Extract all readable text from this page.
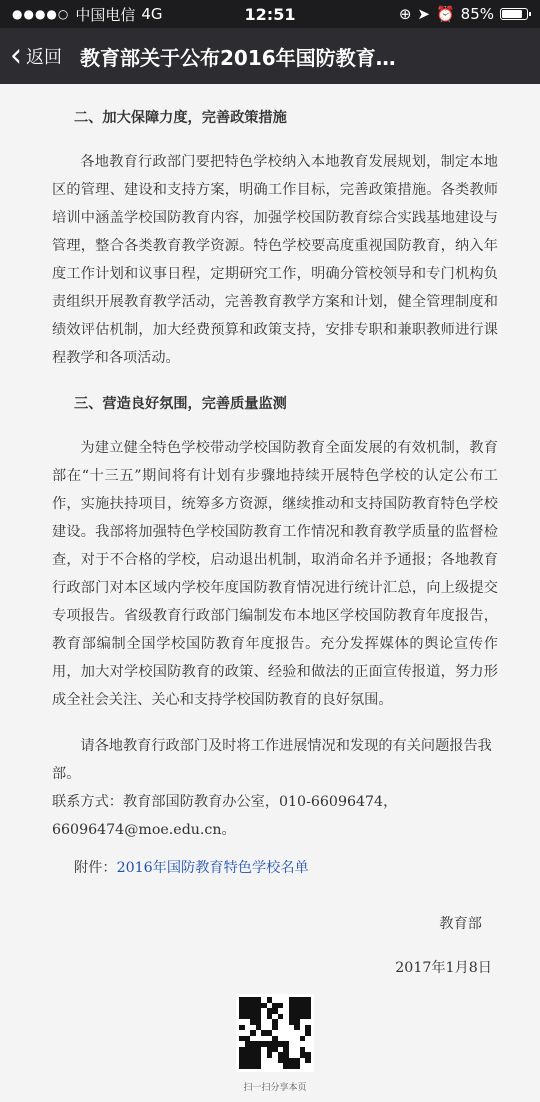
●●●●○ 中国电信 4G	12:51	⊕ ➤ ⏰ 85%
‹ 返回 教育部关于公布2016年国防教育…
二、加大保障力度，完善政策措施
各地教育行政部门要把特色学校纳入本地教育发展规划，制定本地区的管理、建设和支持方案，明确工作目标，完善政策措施。各类教师培训中涵盖学校国防教育内容，加强学校国防教育综合实践基地建设与管理，整合各类教育教学资源。特色学校要高度重视国防教育，纳入年度工作计划和议事日程，定期研究工作，明确分管校领导和专门机构负责组织开展教育教学活动，完善教育教学方案和计划，健全管理制度和绩效评估机制，加大经费预算和政策支持，安排专职和兼职教师进行课程教学和各项活动。
三、营造良好氛围，完善质量监测
为建立健全特色学校带动学校国防教育全面发展的有效机制，教育部在“十三五”期间将有计划有步骤地持续开展特色学校的认定公布工作，实施扶持项目，统筹多方资源，继续推动和支持国防教育特色学校建设。我部将加强特色学校国防教育工作情况和教育教学质量的监督检查，对于不合格的学校，启动退出机制，取消命名并予通报；各地教育行政部门对本区域内学校年度国防教育情况进行统计汇总，向上级提交专项报告。省级教育行政部门编制发布本地区学校国防教育年度报告，教育部编制全国学校国防教育年度报告。充分发挥媒体的舆论宣传作用，加大对学校国防教育的政策、经验和做法的正面宣传报道，努力形成全社会关注、关心和支持学校国防教育的良好氛围。
请各地教育行政部门及时将工作进展情况和发现的有关问题报告我部。
联系方式：教育部国防教育办公室，010-66096474，66096474@moe.edu.cn。
附件：2016年国防教育特色学校名单
教育部
2017年1月8日
扫一扫分享本页
